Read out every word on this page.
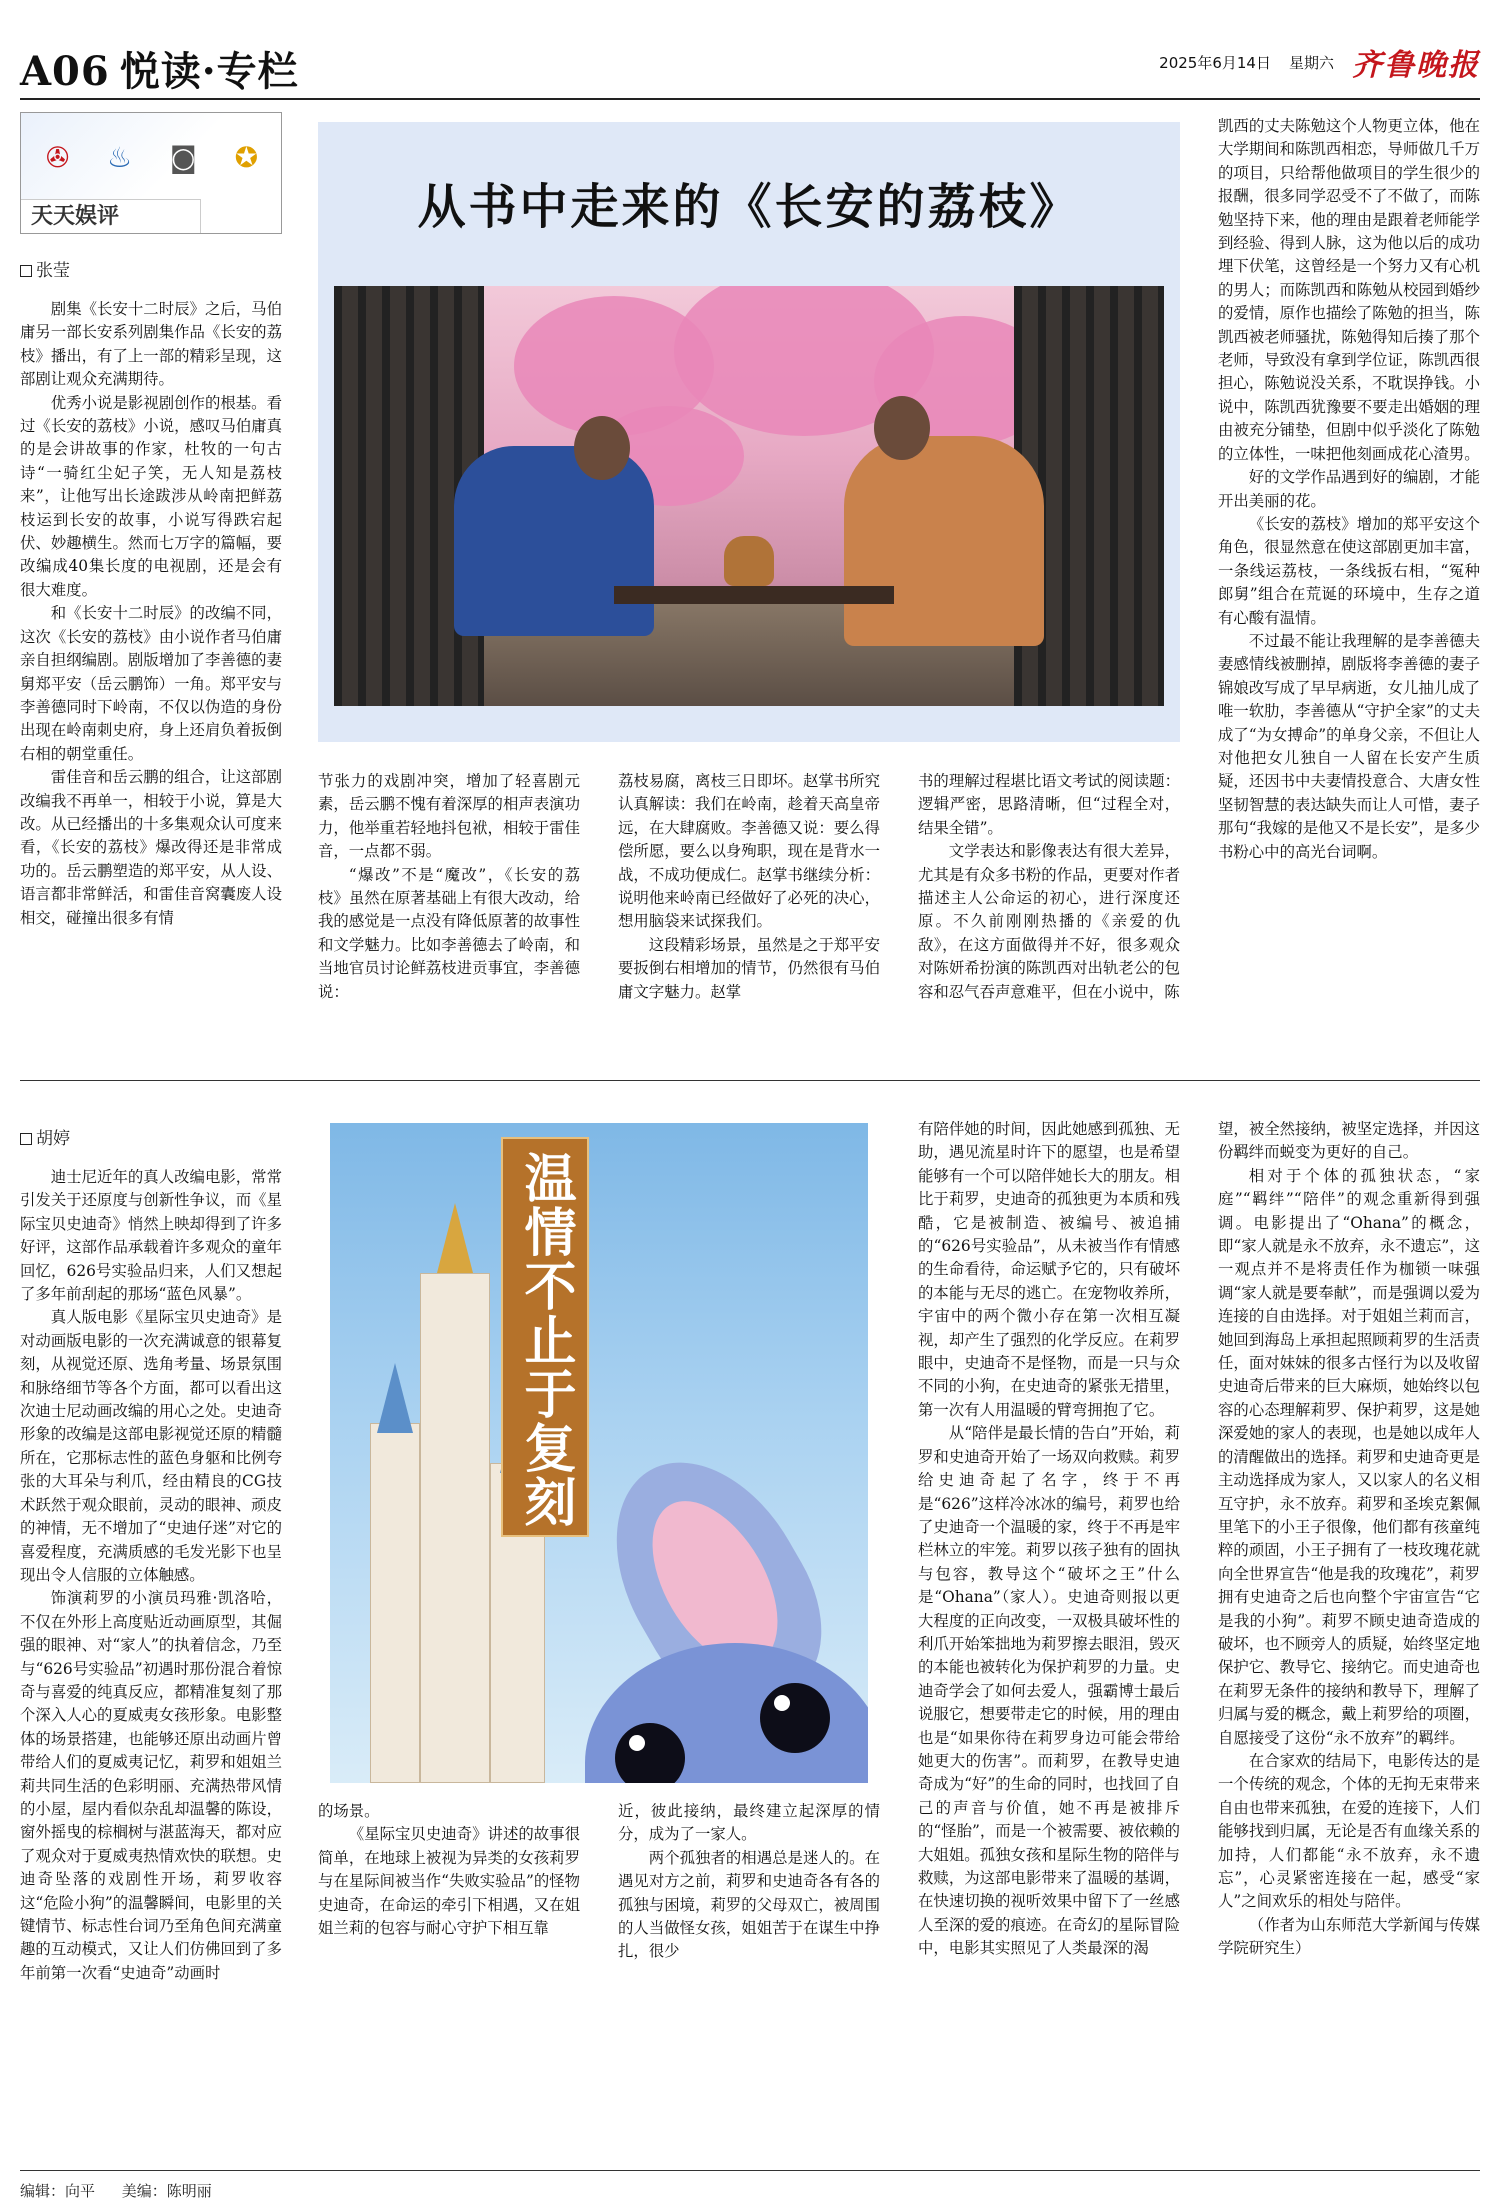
A06 悦读·专栏	2025年6月14日 星期六 齐鲁晚报
✇ ♨ ◙ ✪
天天娱评
张莹
从书中走来的《长安的荔枝》

剧集《长安十二时辰》之后，马伯庸另一部长安系列剧集作品《长安的荔枝》播出，有了上一部的精彩呈现，这部剧让观众充满期待。

优秀小说是影视剧创作的根基。看过《长安的荔枝》小说，感叹马伯庸真的是会讲故事的作家，杜牧的一句古诗“一骑红尘妃子笑，无人知是荔枝来”，让他写出长途跋涉从岭南把鲜荔枝运到长安的故事，小说写得跌宕起伏、妙趣横生。然而七万字的篇幅，要改编成40集长度的电视剧，还是会有很大难度。

和《长安十二时辰》的改编不同，这次《长安的荔枝》由小说作者马伯庸亲自担纲编剧。剧版增加了李善德的妻舅郑平安（岳云鹏饰）一角。郑平安与李善德同时下岭南，不仅以伪造的身份出现在岭南刺史府，身上还肩负着扳倒右相的朝堂重任。

雷佳音和岳云鹏的组合，让这部剧改编我不再单一，相较于小说，算是大改。从已经播出的十多集观众认可度来看，《长安的荔枝》爆改得还是非常成功的。岳云鹏塑造的郑平安，从人设、语言都非常鲜活，和雷佳音窝囊废人设相交，碰撞出很多有情

节张力的戏剧冲突，增加了轻喜剧元素，岳云鹏不愧有着深厚的相声表演功力，他举重若轻地抖包袱，相较于雷佳音，一点都不弱。

“爆改”不是“魔改”，《长安的荔枝》虽然在原著基础上有很大改动，给我的感觉是一点没有降低原著的故事性和文学魅力。比如李善德去了岭南，和当地官员讨论鲜荔枝进贡事宜，李善德说：

荔枝易腐，离枝三日即坏。赵掌书所究认真解读：我们在岭南，趁着天高皇帝远，在大肆腐败。李善德又说：要么得偿所愿，要么以身殉职，现在是背水一战，不成功便成仁。赵掌书继续分析：说明他来岭南已经做好了必死的决心，想用脑袋来试探我们。

这段精彩场景，虽然是之于郑平安要扳倒右相增加的情节，仍然很有马伯庸文字魅力。赵掌

书的理解过程堪比语文考试的阅读题：逻辑严密，思路清晰，但“过程全对，结果全错”。

文学表达和影像表达有很大差异，尤其是有众多书粉的作品，更要对作者描述主人公命运的初心，进行深度还原。不久前刚刚热播的《亲爱的仇敌》，在这方面做得并不好，很多观众对陈妍希扮演的陈凯西对出轨老公的包容和忍气吞声意难平，但在小说中，陈

凯西的丈夫陈勉这个人物更立体，他在大学期间和陈凯西相恋，导师做几千万的项目，只给帮他做项目的学生很少的报酬，很多同学忍受不了不做了，而陈勉坚持下来，他的理由是跟着老师能学到经验、得到人脉，这为他以后的成功埋下伏笔，这曾经是一个努力又有心机的男人；而陈凯西和陈勉从校园到婚纱的爱情，原作也描绘了陈勉的担当，陈凯西被老师骚扰，陈勉得知后揍了那个老师，导致没有拿到学位证，陈凯西很担心，陈勉说没关系，不耽误挣钱。小说中，陈凯西犹豫要不要走出婚姻的理由被充分铺垫，但剧中似乎淡化了陈勉的立体性，一味把他刻画成花心渣男。

好的文学作品遇到好的编剧，才能开出美丽的花。

《长安的荔枝》增加的郑平安这个角色，很显然意在使这部剧更加丰富，一条线运荔枝，一条线扳右相，“冤种郎舅”组合在荒诞的环境中，生存之道有心酸有温情。

不过最不能让我理解的是李善德夫妻感情线被删掉，剧版将李善德的妻子锦娘改写成了早早病逝，女儿抽儿成了唯一软肋，李善德从“守护全家”的丈夫成了“为女搏命”的单身父亲，不但让人对他把女儿独自一人留在长安产生质疑，还因书中夫妻情投意合、大唐女性坚韧智慧的表达缺失而让人可惜，妻子那句“我嫁的是他又不是长安”，是多少书粉心中的高光台词啊。

胡婷
温情不止于复刻

迪士尼近年的真人改编电影，常常引发关于还原度与创新性争议，而《星际宝贝史迪奇》悄然上映却得到了许多好评，这部作品承载着许多观众的童年回忆，626号实验品归来，人们又想起了多年前刮起的那场“蓝色风暴”。

真人版电影《星际宝贝史迪奇》是对动画版电影的一次充满诚意的银幕复刻，从视觉还原、选角考量、场景氛围和脉络细节等各个方面，都可以看出这次迪士尼动画改编的用心之处。史迪奇形象的改编是这部电影视觉还原的精髓所在，它那标志性的蓝色身躯和比例夸张的大耳朵与利爪，经由精良的CG技术跃然于观众眼前，灵动的眼神、顽皮的神情，无不增加了“史迪仔迷”对它的喜爱程度，充满质感的毛发光影下也呈现出令人信服的立体触感。

饰演莉罗的小演员玛雅·凯洛哈，不仅在外形上高度贴近动画原型，其倔强的眼神、对“家人”的执着信念，乃至与“626号实验品”初遇时那份混合着惊奇与喜爱的纯真反应，都精准复刻了那个深入人心的夏威夷女孩形象。电影整体的场景搭建，也能够还原出动画片曾带给人们的夏威夷记忆，莉罗和姐姐兰莉共同生活的色彩明丽、充满热带风情的小屋，屋内看似杂乱却温馨的陈设，窗外摇曳的棕榈树与湛蓝海天，都对应了观众对于夏威夷热情欢快的联想。史迪奇坠落的戏剧性开场，莉罗收容这“危险小狗”的温馨瞬间，电影里的关键情节、标志性台词乃至角色间充满童趣的互动模式，又让人们仿佛回到了多年前第一次看“史迪奇”动画时

的场景。

《星际宝贝史迪奇》讲述的故事很简单，在地球上被视为异类的女孩莉罗与在星际间被当作“失败实验品”的怪物史迪奇，在命运的牵引下相遇，又在姐姐兰莉的包容与耐心守护下相互靠

近，彼此接纳，最终建立起深厚的情分，成为了一家人。

两个孤独者的相遇总是迷人的。在遇见对方之前，莉罗和史迪奇各有各的孤独与困境，莉罗的父母双亡，被周围的人当做怪女孩，姐姐苦于在谋生中挣扎，很少

有陪伴她的时间，因此她感到孤独、无助，遇见流星时许下的愿望，也是希望能够有一个可以陪伴她长大的朋友。相比于莉罗，史迪奇的孤独更为本质和残酷，它是被制造、被编号、被追捕的“626号实验品”，从未被当作有情感的生命看待，命运赋予它的，只有破坏的本能与无尽的逃亡。在宠物收养所，宇宙中的两个微小存在第一次相互凝视，却产生了强烈的化学反应。在莉罗眼中，史迪奇不是怪物，而是一只与众不同的小狗，在史迪奇的紧张无措里，第一次有人用温暖的臂弯拥抱了它。

从“陪伴是最长情的告白”开始，莉罗和史迪奇开始了一场双向救赎。莉罗给史迪奇起了名字，终于不再是“626”这样冷冰冰的编号，莉罗也给了史迪奇一个温暖的家，终于不再是牢栏林立的牢笼。莉罗以孩子独有的固执与包容，教导这个“破坏之王”什么是“Ohana”（家人）。史迪奇则报以更大程度的正向改变，一双极具破坏性的利爪开始笨拙地为莉罗擦去眼泪，毁灭的本能也被转化为保护莉罗的力量。史迪奇学会了如何去爱人，强霸博士最后说服它，想要带走它的时候，用的理由也是“如果你待在莉罗身边可能会带给她更大的伤害”。而莉罗，在教导史迪奇成为“好”的生命的同时，也找回了自己的声音与价值，她不再是被排斥的“怪胎”，而是一个被需要、被依赖的大姐姐。孤独女孩和星际生物的陪伴与救赎，为这部电影带来了温暖的基调，在快速切换的视听效果中留下了一丝感人至深的爱的痕迹。在奇幻的星际冒险中，电影其实照见了人类最深的渴

望，被全然接纳，被坚定选择，并因这份羁绊而蜕变为更好的自己。

相对于个体的孤独状态，“家庭”“羁绊”“陪伴”的观念重新得到强调。电影提出了“Ohana”的概念，即“家人就是永不放弃，永不遗忘”，这一观点并不是将责任作为枷锁一味强调“家人就是要奉献”，而是强调以爱为连接的自由选择。对于姐姐兰莉而言，她回到海岛上承担起照顾莉罗的生活责任，面对妹妹的很多古怪行为以及收留史迪奇后带来的巨大麻烦，她始终以包容的心态理解莉罗、保护莉罗，这是她深爱她的家人的表现，也是她以成年人的清醒做出的选择。莉罗和史迪奇更是主动选择成为家人，又以家人的名义相互守护，永不放弃。莉罗和圣埃克絮佩里笔下的小王子很像，他们都有孩童纯粹的顽固，小王子拥有了一枝玫瑰花就向全世界宣告“他是我的玫瑰花”，莉罗拥有史迪奇之后也向整个宇宙宣告“它是我的小狗”。莉罗不顾史迪奇造成的破坏，也不顾旁人的质疑，始终坚定地保护它、教导它、接纳它。而史迪奇也在莉罗无条件的接纳和教导下，理解了归属与爱的概念，戴上莉罗给的项圈，自愿接受了这份“永不放弃”的羁绊。

在合家欢的结局下，电影传达的是一个传统的观念，个体的无拘无束带来自由也带来孤独，在爱的连接下，人们能够找到归属，无论是否有血缘关系的加持，人们都能“永不放弃，永不遗忘”，心灵紧密连接在一起，感受“家人”之间欢乐的相处与陪伴。

（作者为山东师范大学新闻与传媒学院研究生）

编辑：向平 美编：陈明丽
